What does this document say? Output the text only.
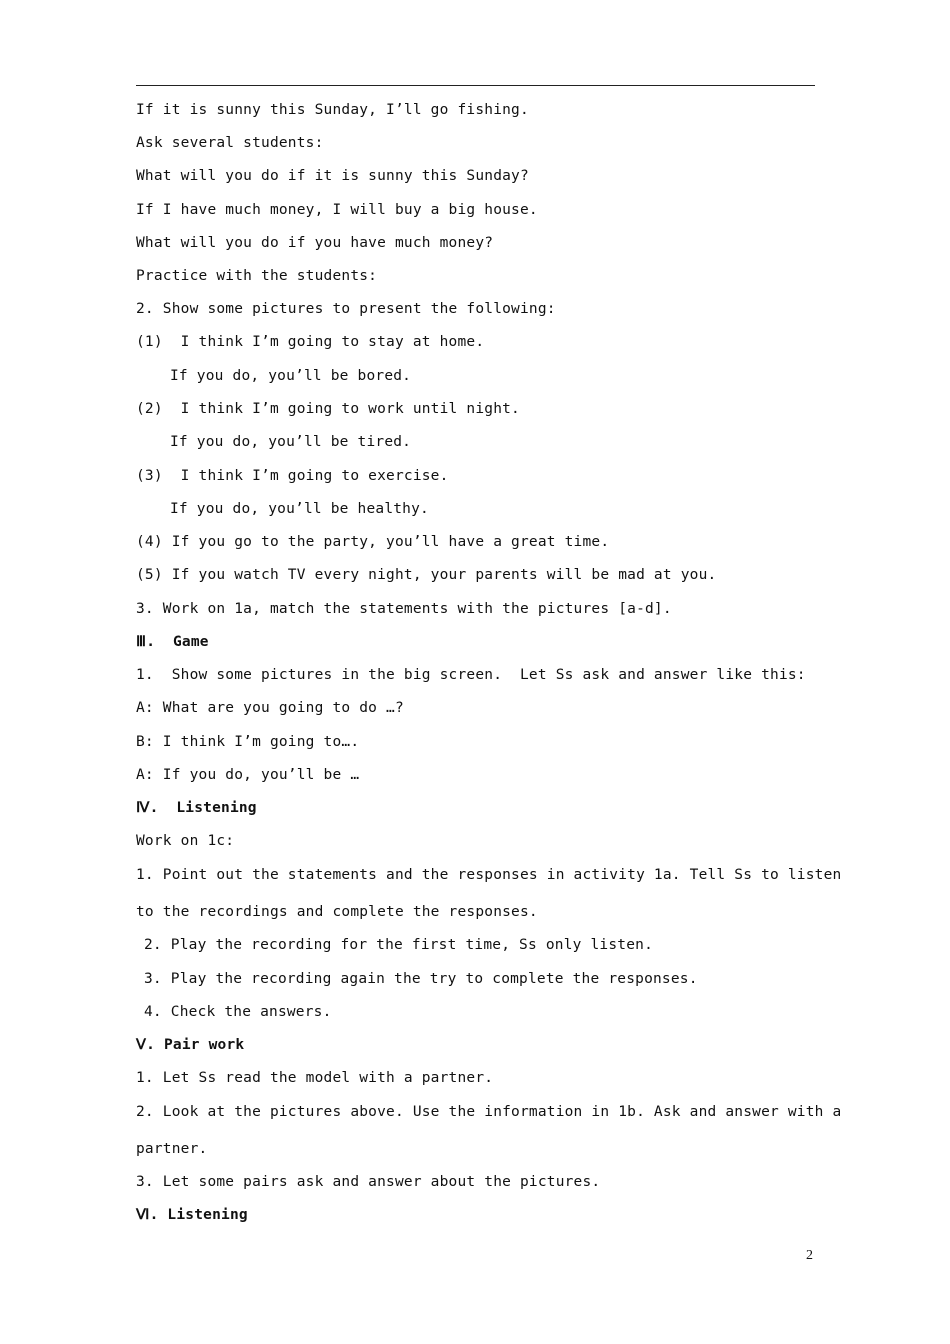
If it is sunny this Sunday, I’ll go fishing.
Ask several students:
What will you do if it is sunny this Sunday?
If I have much money, I will buy a big house.
What will you do if you have much money?
Practice with the students:
2. Show some pictures to present the following:
(1)  I think I’m going to stay at home.
If you do, you’ll be bored.
(2)  I think I’m going to work until night.
If you do, you’ll be tired.
(3)  I think I’m going to exercise.
If you do, you’ll be healthy.
(4) If you go to the party, you’ll have a great time.
(5) If you watch TV every night, your parents will be mad at you.
3. Work on 1a, match the statements with the pictures [a-d].
Ⅲ.  Game
1.  Show some pictures in the big screen.  Let Ss ask and answer like this:
A: What are you going to do …?
B: I think I’m going to….
A: If you do, you’ll be …
Ⅳ.  Listening
Work on 1c:
1. Point out the statements and the responses in activity 1a. Tell Ss to listen
to the recordings and complete the responses.
2. Play the recording for the first time, Ss only listen.
3. Play the recording again the try to complete the responses.
4. Check the answers.
Ⅴ. Pair work
1. Let Ss read the model with a partner.
2. Look at the pictures above. Use the information in 1b. Ask and answer with a
partner.
3. Let some pairs ask and answer about the pictures.
Ⅵ. Listening
2
